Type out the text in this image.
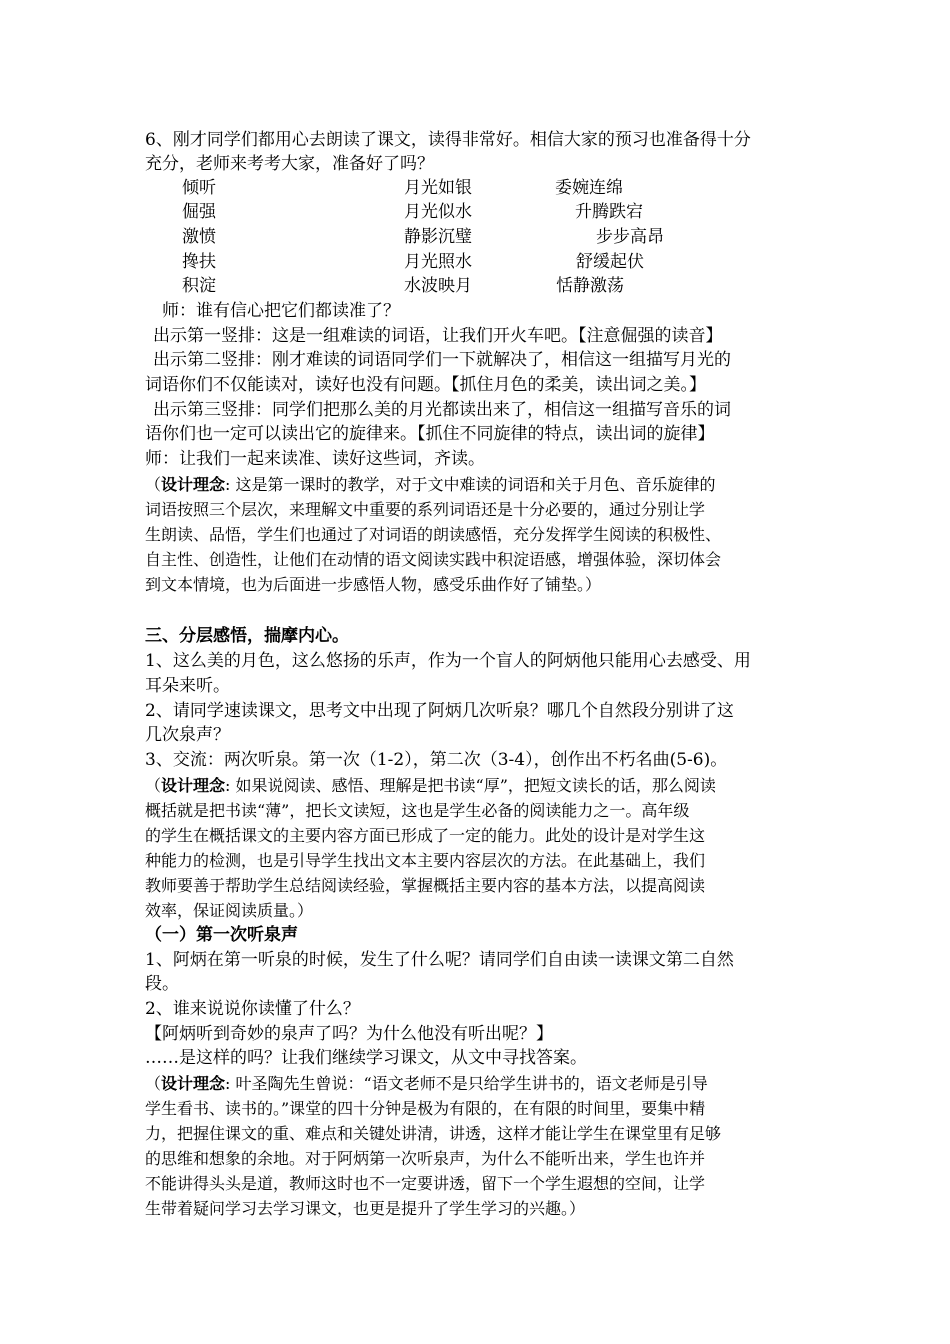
6、刚才同学们都用心去朗读了课文，读得非常好。相信大家的预习也准备得十分
充分，老师来考考大家，准备好了吗？
倾听
倔强
激愤
搀扶
积淀
月光如银
月光似水
静影沉璧
月光照水
水波映月
委婉连绵
升腾跌宕
步步高昂
舒缓起伏
恬静激荡
师：谁有信心把它们都读准了？
出示第一竖排：这是一组难读的词语，让我们开火车吧。【注意倔强的读音】
出示第二竖排：刚才难读的词语同学们一下就解决了，相信这一组描写月光的
词语你们不仅能读对，读好也没有问题。【抓住月色的柔美，读出词之美。】
出示第三竖排：同学们把那么美的月光都读出来了，相信这一组描写音乐的词
语你们也一定可以读出它的旋律来。【抓住不同旋律的特点，读出词的旋律】
师：让我们一起来读准、读好这些词，齐读。
（设计理念: 这是第一课时的教学，对于文中难读的词语和关于月色、音乐旋律的
词语按照三个层次，来理解文中重要的系列词语还是十分必要的，通过分别让学
生朗读、品悟，学生们也通过了对词语的朗读感悟，充分发挥学生阅读的积极性、
自主性、创造性，让他们在动情的语文阅读实践中积淀语感，增强体验，深切体会
到文本情境，也为后面进一步感悟人物，感受乐曲作好了铺垫。）
三、分层感悟，揣摩内心。
1、这么美的月色，这么悠扬的乐声，作为一个盲人的阿炳他只能用心去感受、用
耳朵来听。
2、请同学速读课文，思考文中出现了阿炳几次听泉？哪几个自然段分别讲了这
几次泉声？
3、交流：两次听泉。第一次（1-2），第二次（3-4），创作出不朽名曲(5-6)。
（设计理念: 如果说阅读、感悟、理解是把书读“厚”，把短文读长的话，那么阅读
概括就是把书读“薄”，把长文读短，这也是学生必备的阅读能力之一。高年级
的学生在概括课文的主要内容方面已形成了一定的能力。此处的设计是对学生这
种能力的检测，也是引导学生找出文本主要内容层次的方法。在此基础上，我们
教师要善于帮助学生总结阅读经验，掌握概括主要内容的基本方法，以提高阅读
效率，保证阅读质量。）
（一）第一次听泉声
1、阿炳在第一听泉的时候，发生了什么呢？请同学们自由读一读课文第二自然
段。
2、谁来说说你读懂了什么？
【阿炳听到奇妙的泉声了吗？为什么他没有听出呢？】
……是这样的吗？让我们继续学习课文，从文中寻找答案。
（设计理念: 叶圣陶先生曾说：“语文老师不是只给学生讲书的，语文老师是引导
学生看书、读书的。”课堂的四十分钟是极为有限的，在有限的时间里，要集中精
力，把握住课文的重、难点和关键处讲清，讲透，这样才能让学生在课堂里有足够
的思维和想象的余地。对于阿炳第一次听泉声，为什么不能听出来，学生也许并
不能讲得头头是道，教师这时也不一定要讲透，留下一个学生遐想的空间，让学
生带着疑问学习去学习课文，也更是提升了学生学习的兴趣。）
